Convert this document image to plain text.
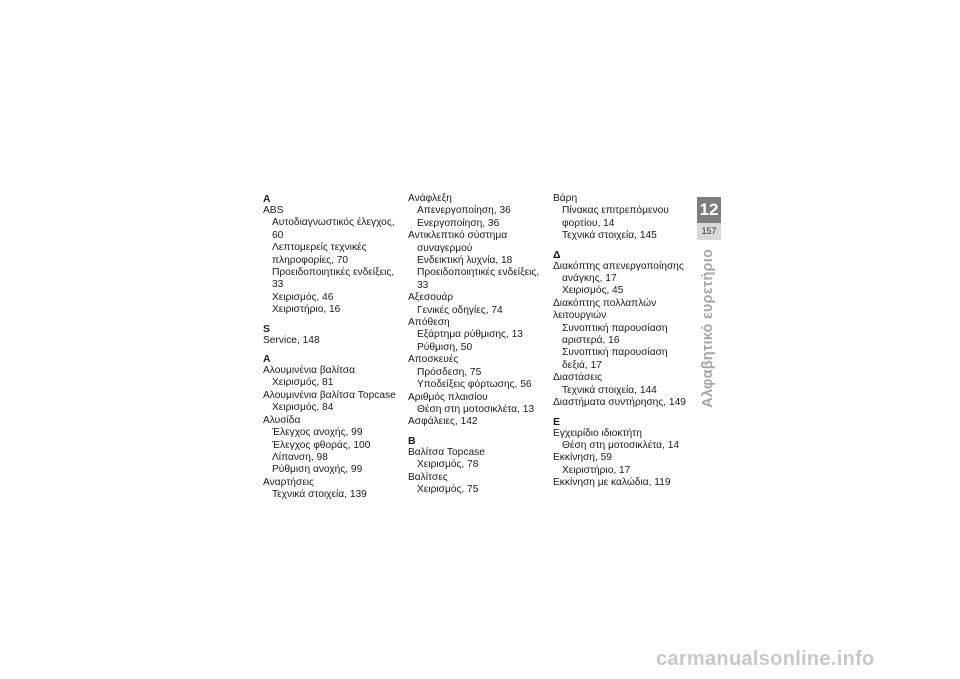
A
ABS
Αυτοδιαγνωστικός έλεγχος, 60
Λεπτομερείς τεχνικές
πληροφορίες, 70
Προειδοποιητικές ενδείξεις, 33
Χειρισμός, 46
Χειριστήριο, 16
S
Service, 148
Α
Αλουμινένια βαλίτσα
Χειρισμός, 81
Αλουμινένια βαλίτσα Topcase
Χειρισμός, 84
Αλυσίδα
Έλεγχος ανοχής, 99
Έλεγχος φθοράς, 100
Λίπανση, 98
Ρύθμιση ανοχής, 99
Αναρτήσεις
Τεχνικά στοιχεία, 139
Ανάφλεξη
Απενεργοποίηση, 36
Ενεργοποίηση, 36
Αντικλεπτικό σύστημα
συναγερμού
Ενδεικτική λυχνία, 18
Προειδοποιητικές ενδείξεις, 33
Αξεσουάρ
Γενικές οδηγίες, 74
Απόθεση
Εξάρτημα ρύθμισης, 13
Ρύθμιση, 50
Αποσκευές
Πρόσδεση, 75
Υποδείξεις φόρτωσης, 56
Αριθμός πλαισίου
Θέση στη μοτοσικλέτα, 13
Ασφάλειες, 142
Β
Βαλίτσα Topcase
Χειρισμός, 78
Βαλίτσες
Χειρισμός, 75
Βάρη
Πίνακας επιτρεπόμενου
φορτίου, 14
Τεχνικά στοιχεία, 145
Δ
Διακόπτης απενεργοποίησης
ανάγκης, 17
Χειρισμός, 45
Διακόπτης πολλαπλών λειτουργιών
Συνοπτική παρουσίαση
αριστερά, 16
Συνοπτική παρουσίαση
δεξιά, 17
Διαστάσεις
Τεχνικά στοιχεία, 144
Διαστήματα συντήρησης, 149
Ε
Εγχειρίδιο ιδιοκτήτη
Θέση στη μοτοσικλέτα, 14
Εκκίνηση, 59
Χειριστήριο, 17
Εκκίνηση με καλώδια, 119
12
157
Αλφαβητικό ευρετήριο
carmanualsonline.info
